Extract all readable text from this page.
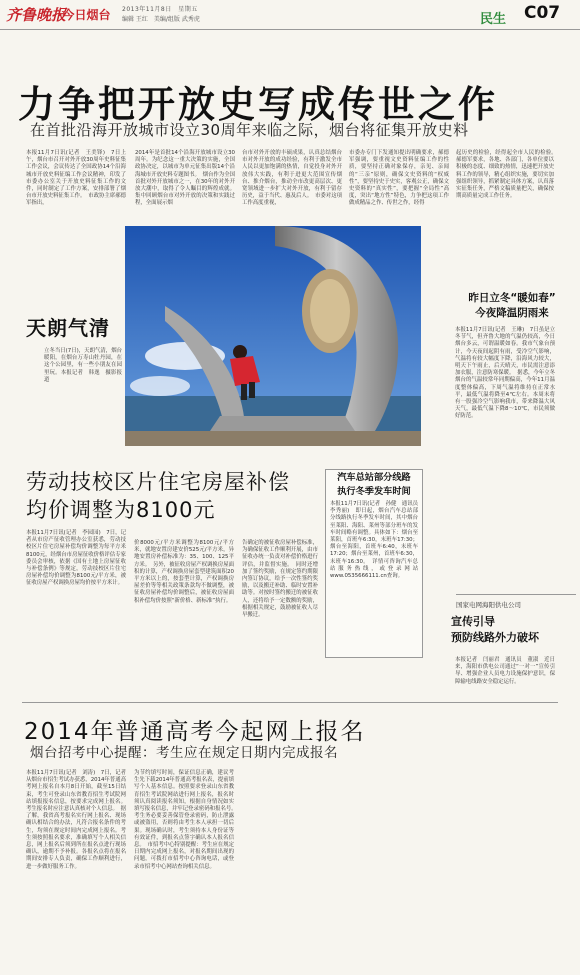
齐鲁晚报
·今日烟台 2013年11月8日　星期五
编辑 王红　美编/组版 武秀虎	民生 C07
力争把开放史写成传世之作
在首批沿海开放城市设立30周年来临之际，烟台将征集开放史料
本报11月7日讯(记者　王美锋)　7日上午，烟台市召开对外开放30周年史料征集工作会议，会议传达了全国政协14个沿海城市开放史料征编工作会议精神，印发了市委办公室关于开放史料征集工作的文件，同时制定了工作方案，安排部署了烟台市开放史料征集工作。　市政协主席郝德军指出，
2014年是首批14个沿海开放城市设立30周年。为纪念这一重大决策的实施，全国政协决定，以城市为单元征集出版14个沿海城市开放史料专题图书。　烟台作为全国首批对外开放城市之一，在30年的对外开放大潮中，取得了令人瞩目的辉煌成就。集中回顾烟台市对外开放的决策和实践过程，全面展示烟
台市对外开放的丰硕成果，认真总结烟台市对外开放的成功经验，有利于激发全市人民以更加饱满的热情，自觉投身对外开放伟大实践，有利于进更大范围宣传烟台、推介烟台，推动全市改更高层次、更宽领域进一步扩大对外开放，有利于留存历史，益于当代、惠及后人。　市委对这项工作高度重视，
市委办专门下发通知提出明确要求，郝德军强调，要重视文史资料征编工作的性质，要坚持正确对象保存，亲见、亲闻的“三亲”原则，确保文史资料的“权威性”，要坚持史于史实，客观公正，确保文史资料的“真实性”，要把握“全局性”高度，突出“地方性”特色，力争把这项工作做成精品之作、传世之作，经得
起历史的检验，经得起全市人民的检验。　郝德军要求，各地、各部门，各单位要以积极的态度、细致的热情，迅速把开放史料工作的领导，精心组织实施，要切实加强组织领导，抓紧制定具体方案，认真落实征集任务，严格文稿质量把关，确保按期高质量完成工作任务。
天朗气清
立冬当日(7日)，天朗气清，烟台暖阳，在烟台万寿山牡丹园，在这个公园里，有一些小朋友在园里玩。本报记者　韩逸　摄影报道
昨日立冬“暖如春”
今夜降温阴雨来
本报11月7日讯(记者　王琳)　7日虽是立冬节气，但齐鲁大地的气温仍较高，今日烟台多云，可谓温暖如春。我市气象台预计，今天夜间起阴有雨，受冷空气影响，气温将有较大幅度下降，沿海风力较大，明天下午雨止，后天晴天，市民需注意添加衣服，注意防寒保暖。　据悉，今年立冬烟台的气温较常年同期偏高，今年11月温度整体偏高，下周气温将维持在正常水平，最低气温将降至4℃左右。本周末将有一股强冷空气影响我市，带来降温大风天气，最低气温下降8～10℃，市民须做好防范。
劳动技校区片住宅房屋补偿均价调整为8100元
本报11月7日讯(记者　李园园)　7日，记者从市房产征收管理办公室获悉，劳动技校区片住宅房屋补偿均价调整为每平方米8100元，经烟台市房屋征收价格评估专家委员会审核，依据《国有土地上房屋征收与补偿条例》等规定，劳动技校区片住宅房屋补偿均价调整为8100元/平方米，被征收房屋产权调换房屋均价按平方米计。
价8000元/平方米调整为8100元/平方米，就地安置房建安价525元/平方米，异地安置房补偿标准为：35、100、125平方米。　另外，被征收房屋产权调换房屋面积的计算，产权调换房屋套型建筑面积20平方米以上的，按套型计算，产权调换房屋差价等等相关政策条款均不做调整，被征收房屋补偿均价调整后，被征收房屋面积补偿均价按照“新价格、新标准”执行。
告确定的被征收房屋补偿标准，为确保征收工作顺利开展，由市征收办统一负责对补偿价格进行评估，并监督实施。　同时还增加了签约奖励，在规定签约期限内签订协议，给予一次性签约奖励，以及搬迁补助、临时安置补助等。对按时签约搬迁的被征收人，还将给予一定数额的奖励，根据相关规定，鼓励被征收人尽早搬迁。
汽车总站部分线路
执行冬季发车时间
本报11月7日讯(记者　孙健　通讯员　李秀丽)　即日起，烟台汽车总站部分线路执行冬季发车时间，其中烟台至莱阳、海阳、莱州等部分班车的发车时间略有调整。具体如下：烟台至莱阳，首班车6:30，末班车17:30；烟台至海阳，首班车6:40，末班车17:20；烟台至莱州，首班车6:30，末班车16:30。　详情可咨询汽车总站服务热线，或登录网站www.0535666111.cn查询。
国家电网海阳供电公司
宣传引导
预防线路外力破坏
本报记者　闫丽君　通讯员　董淑　近日来，海阳市供电公司通过“一对一”宣传引导、增强企业人员电力设施保护意识，保障输电线路安全稳定运行。
2014年普通高考今起网上报名
烟台招考中心提醒：考生应在规定日期内完成报名
本报11月7日讯(记者　刘涛)　7日，记者从烟台市招生考试办获悉，2014年普通高考网上报名自本月8日开始，截至15日结束，考生可登录山东省教育招生考试院网站填报报名信息，按要求完成网上报名。考生报名时应注意认真核对个人信息。　据了解，我省高考报名实行网上报名、现场确认相结合的办法，凡符合报名条件的考生，均须在规定时间内完成网上报名。考生须按照报名要求，准确填写个人相关信息，网上报名后须到所在报名点进行现场确认，逾期不予补报。各报名点将在报名期间安排专人负责，确保工作顺利进行，进一步做好服务工作。
为节约填写时间，保证信息正确，建议考生先下载2014年普通高考报名表，提前填写个人基本信息。按照要求登录山东省教育招生考试院网站进行网上报名，报名时须认真阅读报名须知，根据自身情况如实填写报名信息，并牢记登录密码和报名号。　考生务必要妥善保管登录密码，防止泄露或被盗用，否则将由考生本人承担一切后果。现场确认时，考生须持本人身份证等有效证件，到报名点签字确认本人报名信息。　市招考中心特别提醒：考生应在规定日期内完成网上报名，对报名期间出现的问题，可拨打市招考中心咨询电话，或登录市招考中心网站查询相关信息。
